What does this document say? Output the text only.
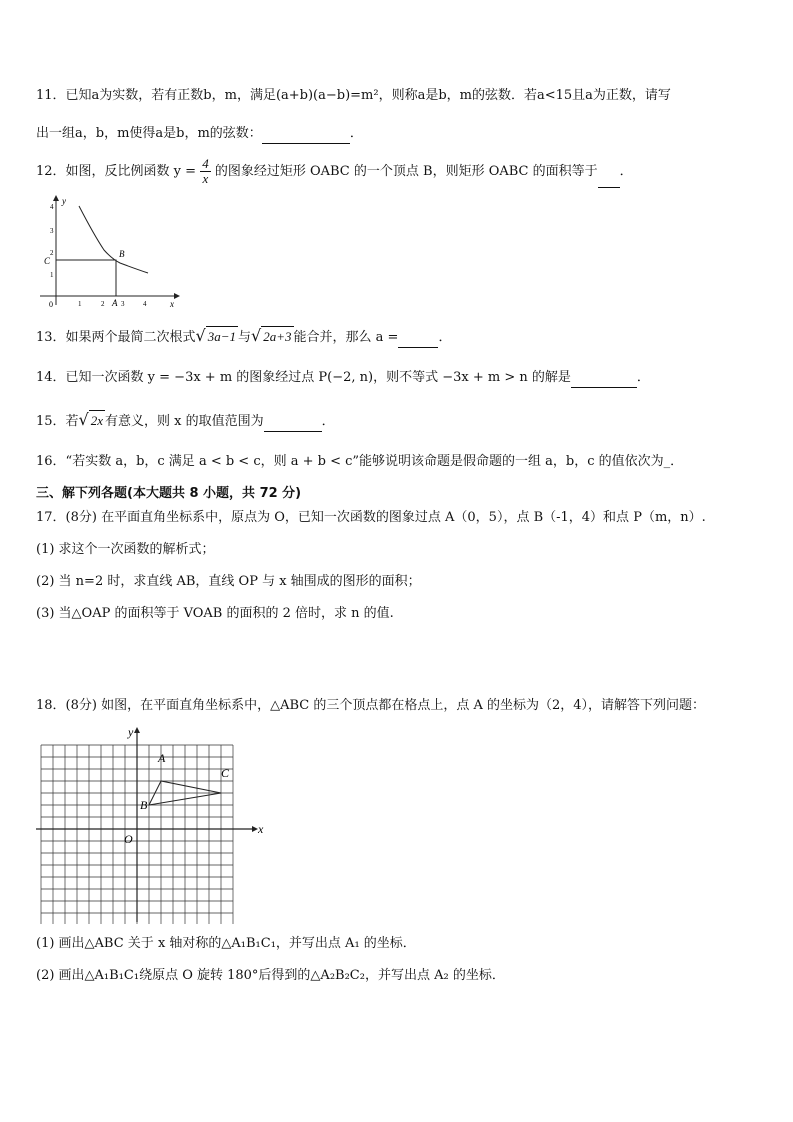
11．已知a为实数，若有正数b，m，满足(a+b)(a−b)=m²，则称a是b，m的弦数．若a<15且a为正数，请写
出一组a，b，m使得a是b，m的弦数：	．
12．如图，反比例函数 $y = \frac{4}{x}$ 的图象经过矩形 OABC 的一个顶点 B，则矩形 OABC 的面积等于 ．
y
x
0
4
3
2
1
C
1	2 A 3	4
B
13．如果两个最简二次根式√ 3a−1 与√ 2a+3 能合并，那么 a =	．
14．已知一次函数 y = −3x + m 的图象经过点 P(−2, n)，则不等式 −3x + m > n 的解是	．
15．若√ 2x 有意义，则 x 的取值范围为	．
16．“若实数 a，b，c 满足 a < b < c，则 a + b < c”能够说明该命题是假命题的一组 a，b，c 的值依次为_．
三、解下列各题(本大题共 8 小题，共 72 分)
17．(8分) 在平面直角坐标系中，原点为 O，已知一次函数的图象过点 A（0，5），点 B（-1，4）和点 P（m，n）.
(1) 求这个一次函数的解析式；
(2) 当 n=2 时，求直线 AB，直线 OP 与 x 轴围成的图形的面积；
(3) 当△OAP 的面积等于 VOAB 的面积的 2 倍时，求 n 的值.
18．(8分) 如图，在平面直角坐标系中，△ABC 的三个顶点都在格点上，点 A 的坐标为（2，4），请解答下列问题：
y
x
O
A
B
C
(1) 画出△ABC 关于 x 轴对称的△A₁B₁C₁，并写出点 A₁ 的坐标．
(2) 画出△A₁B₁C₁绕原点 O 旋转 180°后得到的△A₂B₂C₂，并写出点 A₂ 的坐标．
